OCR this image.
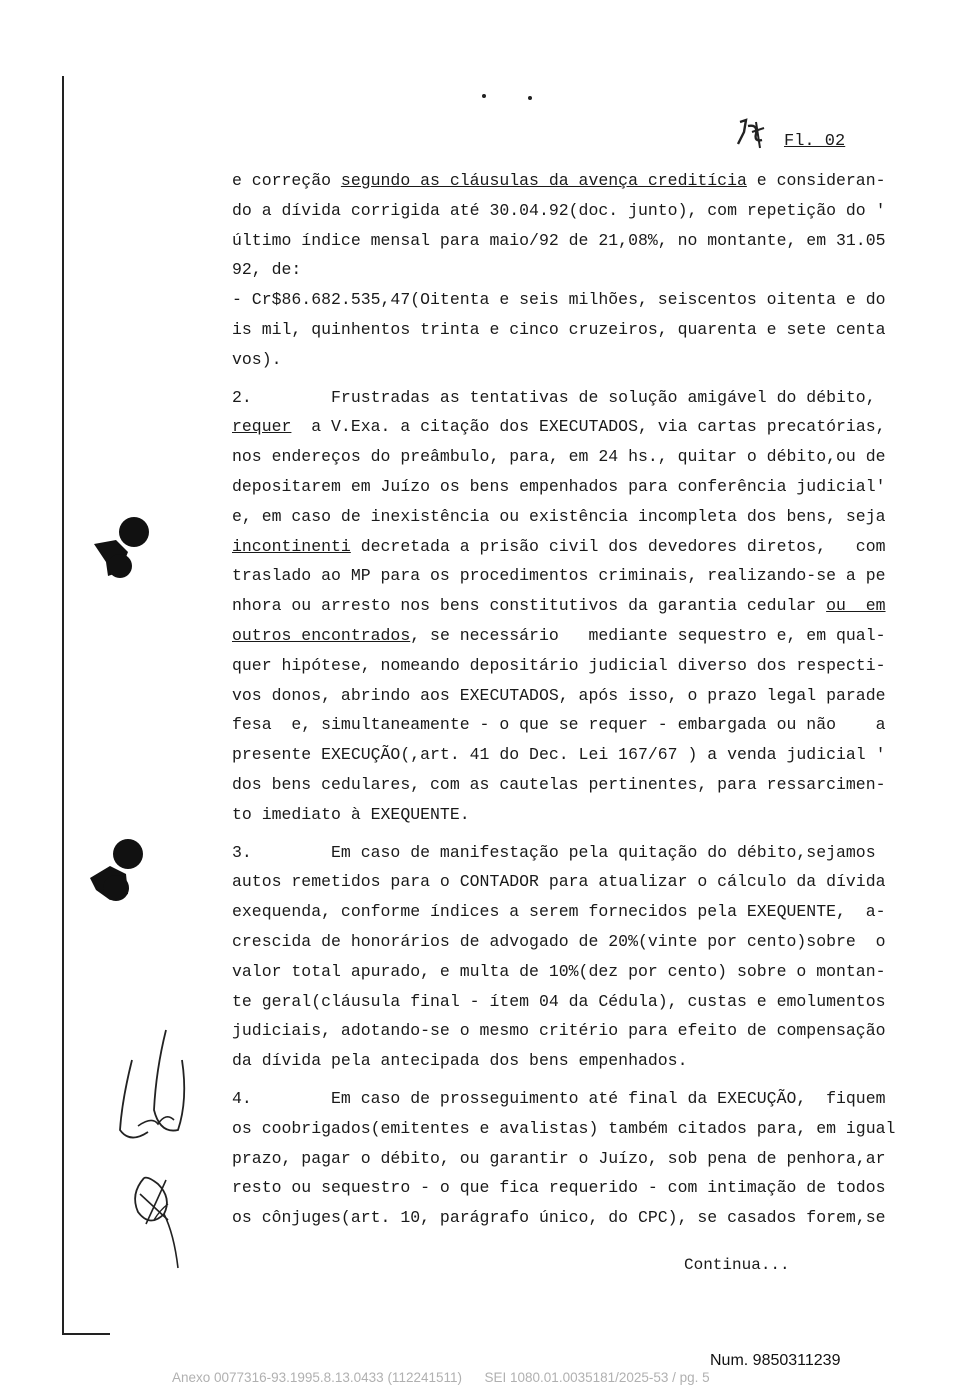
Fl. 02
e correção segundo as cláusulas da avença creditícia e consideran-
do a dívida corrigida até 30.04.92(doc. junto), com repetição do '
último índice mensal para maio/92 de 21,08%, no montante, em 31.05
92, de:
- Cr$86.682.535,47(Oitenta e seis milhões, seiscentos oitenta e do
is mil, quinhentos trinta e cinco cruzeiros, quarenta e sete centa
vos).
2.        Frustradas as tentativas de solução amigável do débito,
requer  a V.Exa. a citação dos EXECUTADOS, via cartas precatórias,
nos endereços do preâmbulo, para, em 24 hs., quitar o débito,ou de
depositarem em Juízo os bens empenhados para conferência judicial'
e, em caso de inexistência ou existência incompleta dos bens, seja
incontinenti decretada a prisão civil dos devedores diretos,   com
traslado ao MP para os procedimentos criminais, realizando-se a pe
nhora ou arresto nos bens constitutivos da garantia cedular ou  em
outros encontrados, se necessário   mediante sequestro e, em qual-
quer hipótese, nomeando depositário judicial diverso dos respecti-
vos donos, abrindo aos EXECUTADOS, após isso, o prazo legal parade
fesa  e, simultaneamente - o que se requer - embargada ou não    a
presente EXECUÇÃO(,art. 41 do Dec. Lei 167/67 ) a venda judicial '
dos bens cedulares, com as cautelas pertinentes, para ressarcimen-
to imediato à EXEQUENTE.
3.        Em caso de manifestação pela quitação do débito,sejamos
autos remetidos para o CONTADOR para atualizar o cálculo da dívida
exequenda, conforme índices a serem fornecidos pela EXEQUENTE,  a-
crescida de honorários de advogado de 20%(vinte por cento)sobre  o
valor total apurado, e multa de 10%(dez por cento) sobre o montan-
te geral(cláusula final - ítem 04 da Cédula), custas e emolumentos
judiciais, adotando-se o mesmo critério para efeito de compensação
da dívida pela antecipada dos bens empenhados.
4.        Em caso de prosseguimento até final da EXECUÇÃO,  fiquem
os coobrigados(emitentes e avalistas) também citados para, em igual
prazo, pagar o débito, ou garantir o Juízo, sob pena de penhora,ar
resto ou sequestro - o que fica requerido - com intimação de todos
os cônjuges(art. 10, parágrafo único, do CPC), se casados forem,se
Continua...
Num. 9850311239
Anexo 0077316-93.1995.8.13.0433 (112241511)      SEI 1080.01.0035181/2025-53 / pg. 5
